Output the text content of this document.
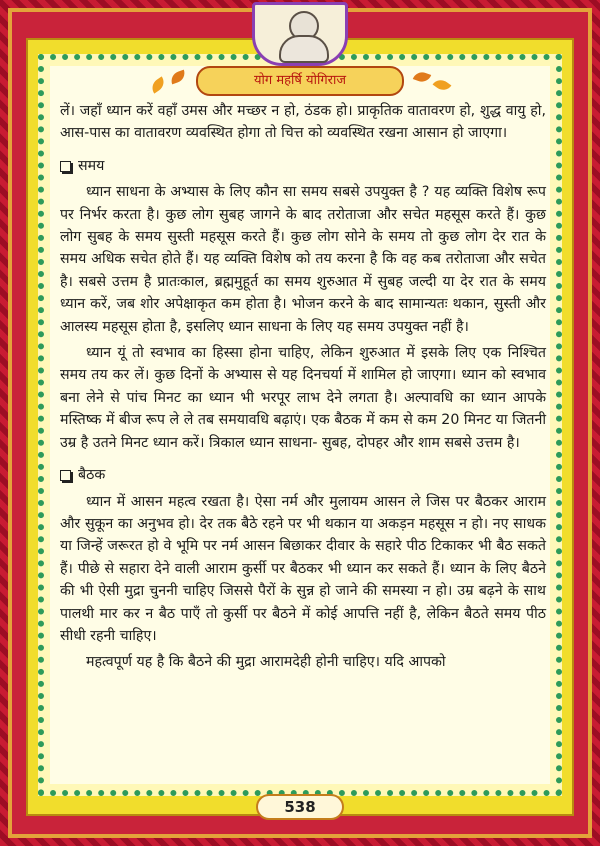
योग महर्षि योगिराज

लें। जहाँ ध्यान करें वहाँ उमस और मच्छर न हो, ठंडक हो। प्राकृतिक वातावरण हो, शुद्ध वायु हो, आस-पास का वातावरण व्यवस्थित होगा तो चित्त को व्यवस्थित रखना आसान हो जाएगा।

समय

ध्यान साधना के अभ्यास के लिए कौन सा समय सबसे उपयुक्त है ? यह व्यक्ति विशेष रूप पर निर्भर करता है। कुछ लोग सुबह जागने के बाद तरोताजा और सचेत महसूस करते हैं। कुछ लोग सुबह के समय सुस्ती महसूस करते हैं। कुछ लोग सोने के समय तो कुछ लोग देर रात के समय अधिक सचेत होते हैं। यह व्यक्ति विशेष को तय करना है कि वह कब तरोताजा और सचेत है। सबसे उत्तम है प्रातःकाल, ब्रह्ममुहूर्त का समय शुरुआत में सुबह जल्दी या देर रात के समय ध्यान करें, जब शोर अपेक्षाकृत कम होता है। भोजन करने के बाद सामान्यतः थकान, सुस्ती और आलस्य महसूस होता है, इसलिए ध्यान साधना के लिए यह समय उपयुक्त नहीं है।

ध्यान यूं तो स्वभाव का हिस्सा होना चाहिए, लेकिन शुरुआत में इसके लिए एक निश्चित समय तय कर लें। कुछ दिनों के अभ्यास से यह दिनचर्या में शामिल हो जाएगा। ध्यान को स्वभाव बना लेने से पांच मिनट का ध्यान भी भरपूर लाभ देने लगता है। अल्पावधि का ध्यान आपके मस्तिष्क में बीज रूप ले ले तब समयावधि बढ़ाएं। एक बैठक में कम से कम 20 मिनट या जितनी उम्र है उतने मिनट ध्यान करें। त्रिकाल ध्यान साधना- सुबह, दोपहर और शाम सबसे उत्तम है।

बैठक

ध्यान में आसन महत्व रखता है। ऐसा नर्म और मुलायम आसन ले जिस पर बैठकर आराम और सुकून का अनुभव हो। देर तक बैठे रहने पर भी थकान या अकड़न महसूस न हो। नए साधक या जिन्हें जरूरत हो वे भूमि पर नर्म आसन बिछाकर दीवार के सहारे पीठ टिकाकर भी बैठ सकते हैं। पीछे से सहारा देने वाली आराम कुर्सी पर बैठकर भी ध्यान कर सकते हैं। ध्यान के लिए बैठने की भी ऐसी मुद्रा चुननी चाहिए जिससे पैरों के सुन्न हो जाने की समस्या न हो। उम्र बढ़ने के साथ पालथी मार कर न बैठ पाएँ तो कुर्सी पर बैठने में कोई आपत्ति नहीं है, लेकिन बैठते समय पीठ सीधी रहनी चाहिए।

महत्वपूर्ण यह है कि बैठने की मुद्रा आरामदेही होनी चाहिए। यदि आपको

538
